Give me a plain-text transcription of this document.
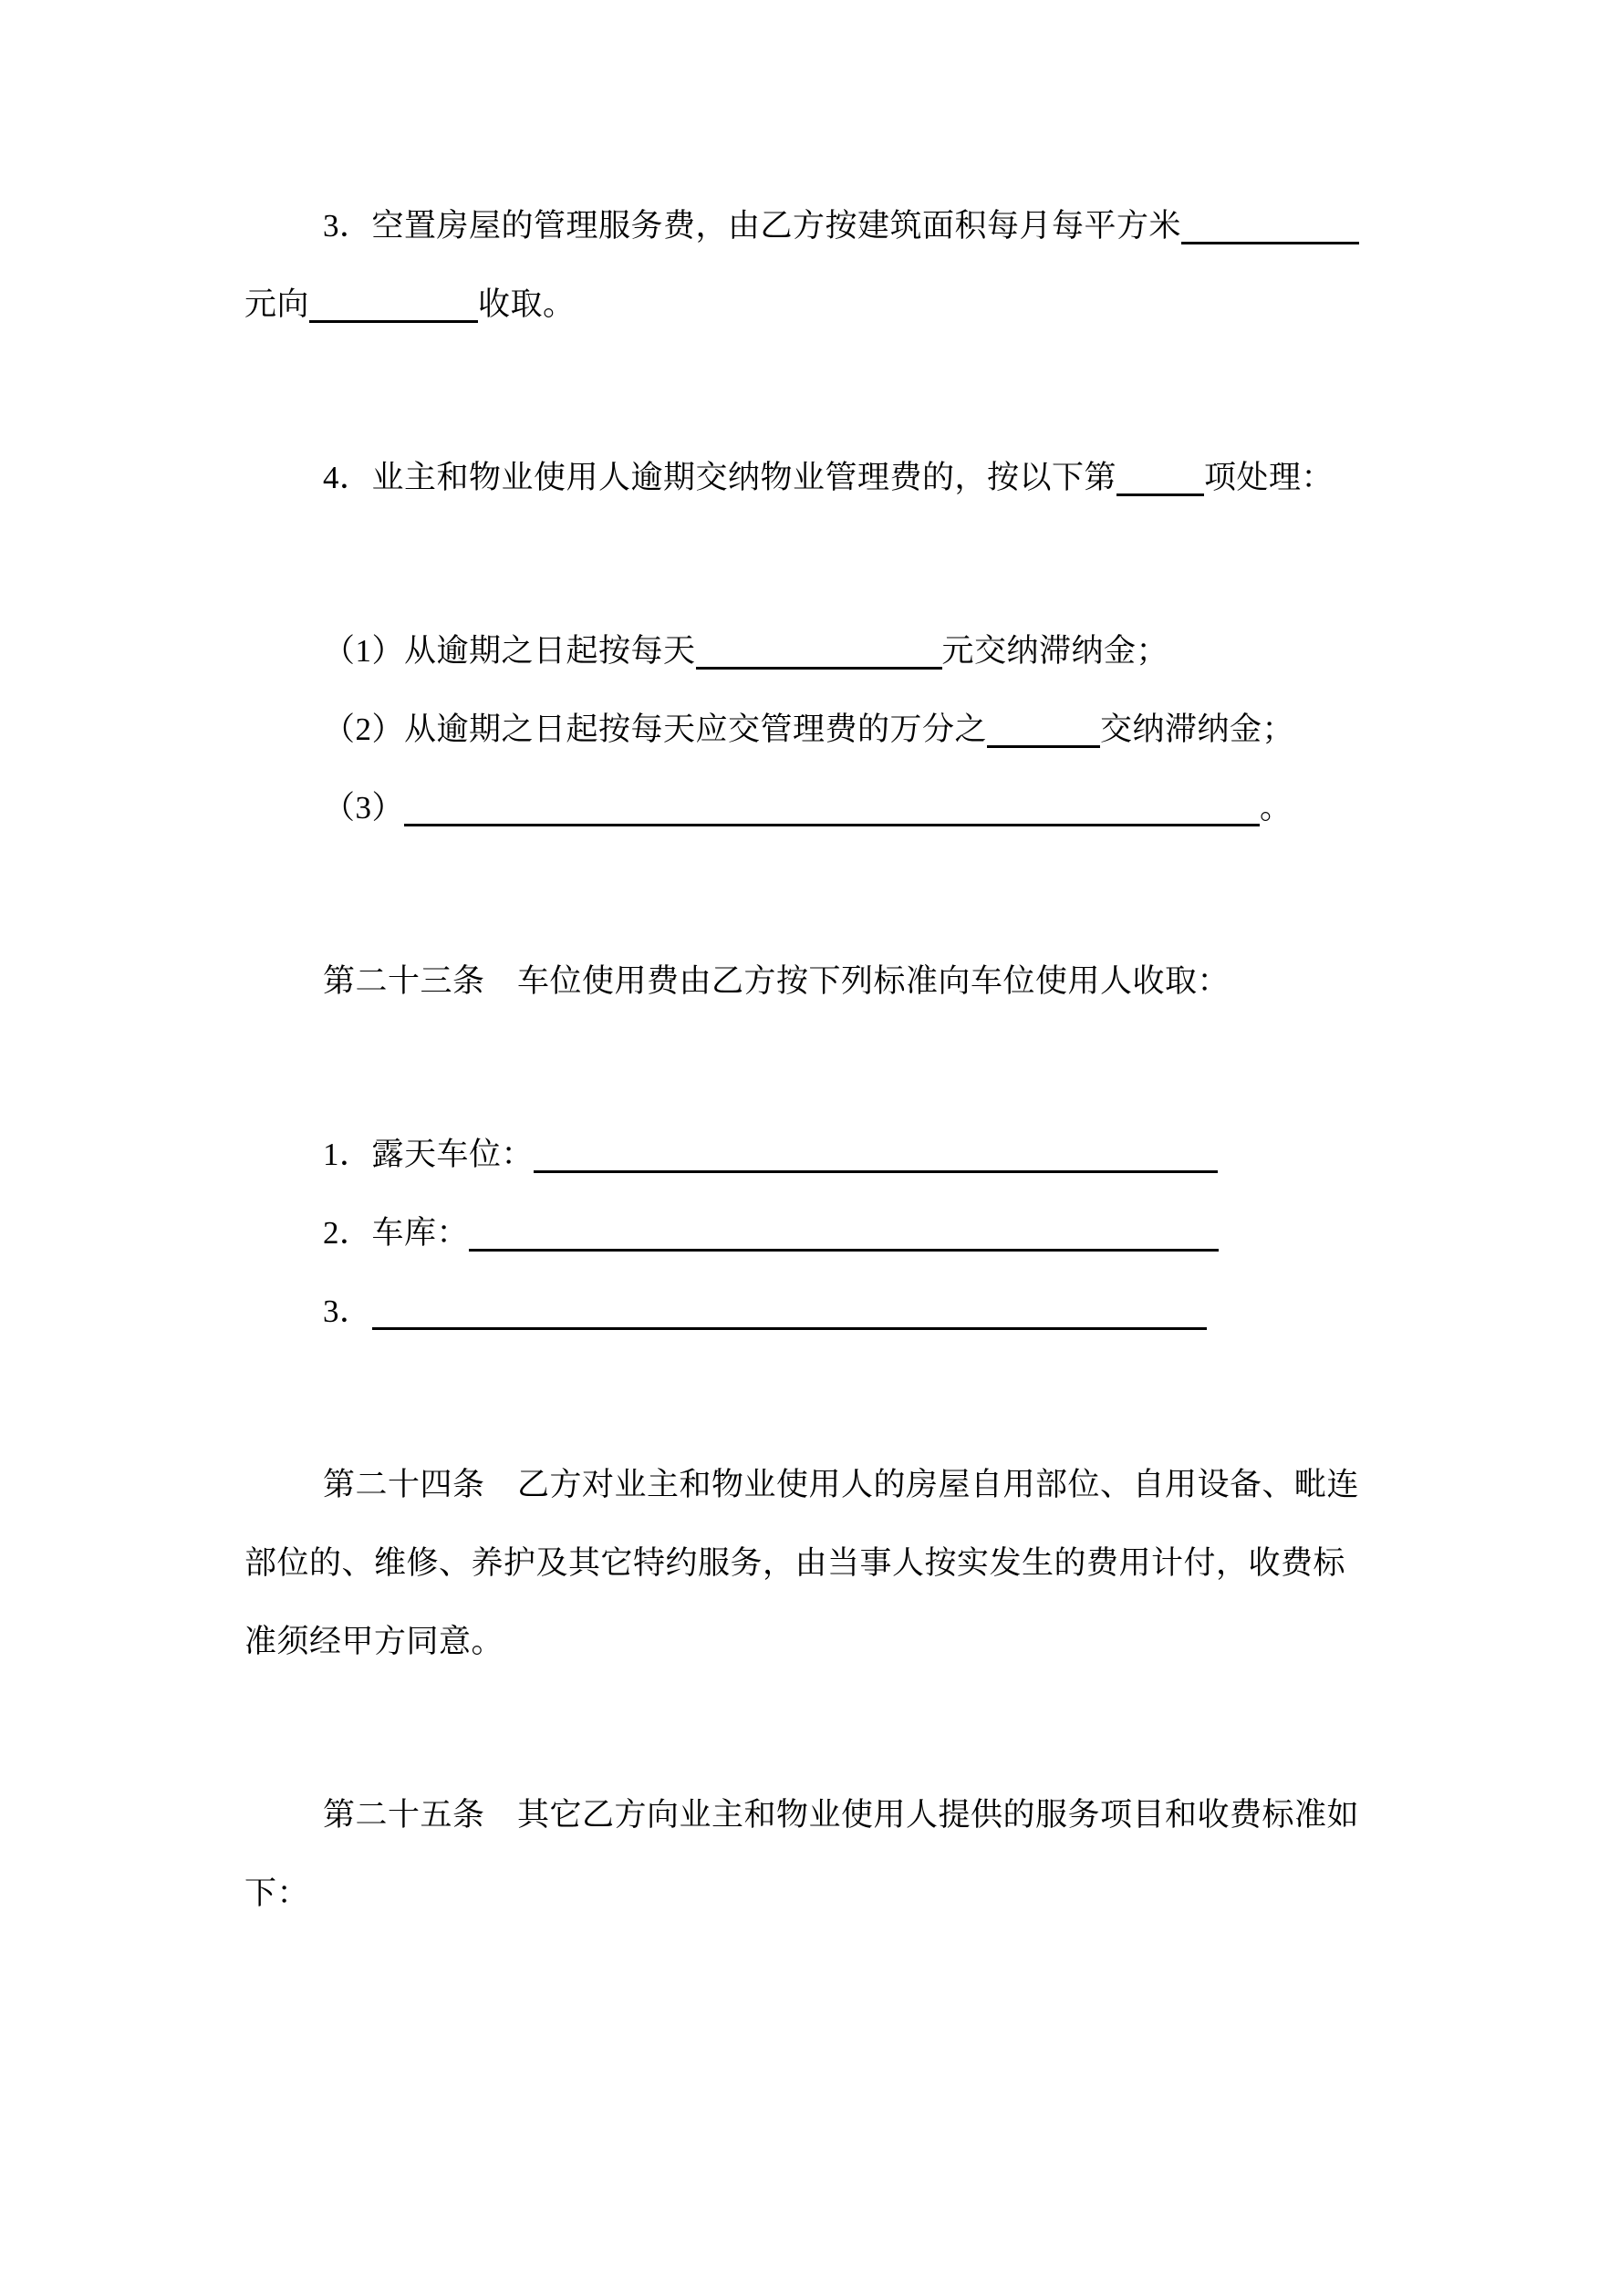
3．空置房屋的管理服务费，由乙方按建筑面积每月每平方米
元向	收取。
4．业主和物业使用人逾期交纳物业管理费的，按以下第	项处理：
（1）从逾期之日起按每天	元交纳滞纳金；
（2）从逾期之日起按每天应交管理费的万分之	交纳滞纳金；
（3）	。
第二十三条　车位使用费由乙方按下列标准向车位使用人收取：
1．露天车位：
2．车库：
3．
第二十四条　乙方对业主和物业使用人的房屋自用部位、自用设备、毗连
部位的、维修、养护及其它特约服务，由当事人按实发生的费用计付，收费标
准须经甲方同意。
第二十五条　其它乙方向业主和物业使用人提供的服务项目和收费标准如
下：
